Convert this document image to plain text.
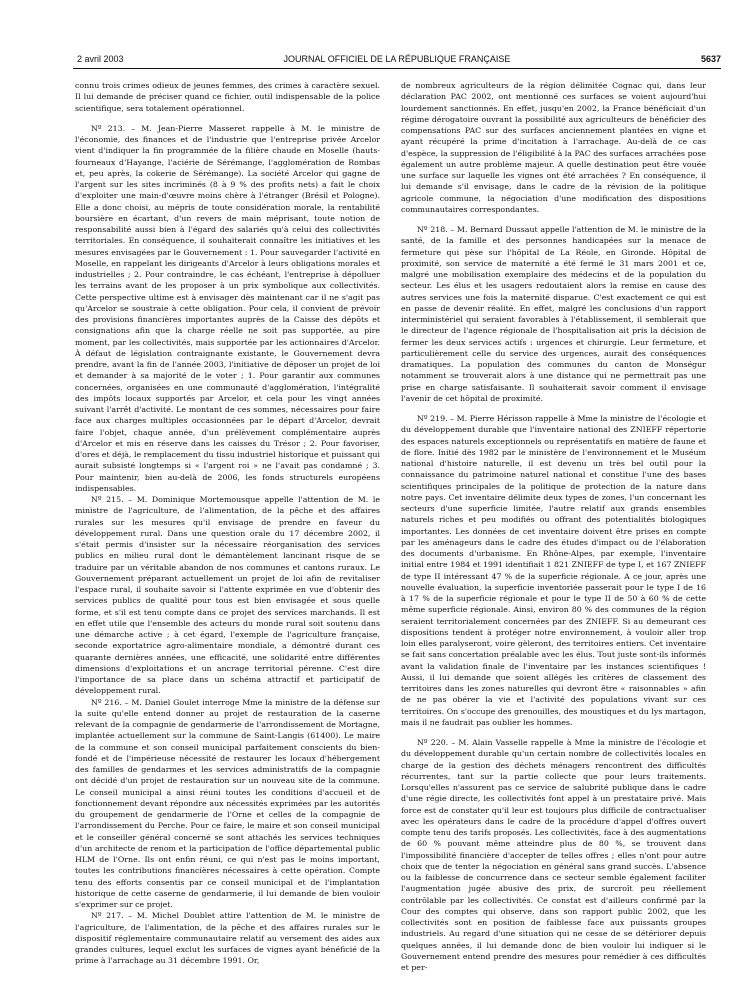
2 avril 2003	JOURNAL OFFICIEL DE LA RÉPUBLIQUE FRANÇAISE	5637

connu trois crimes odieux de jeunes femmes, des crimes à caractère sexuel. Il lui demande de préciser quand ce fichier, outil indispensable de la police scientifique, sera totalement opérationnel.

Nº 213. – M. Jean-Pierre Masseret rappelle à M. le ministre de l'économie, des finances et de l'industrie que l'entreprise privée Arcelor vient d'indiquer la fin programmée de la filière chaude en Moselle (hauts-fourneaux d'Hayange, l'aciérie de Sérémange, l'agglomération de Rombas et, peu après, la cokerie de Sérémange). La société Arcelor qui gagne de l'argent sur les sites incriminés (8 à 9 % des profits nets) a fait le choix d'exploiter une main-d'œuvre moins chère à l'étranger (Brésil et Pologne). Elle a donc choisi, au mépris de toute considération morale, la rentabilité boursière en écartant, d'un revers de main méprisant, toute notion de responsabilité aussi bien à l'égard des salariés qu'à celui des collectivités territoriales. En conséquence, il souhaiterait connaître les initiatives et les mesures envisagées par le Gouvernement : 1. Pour sauvegarder l'activité en Moselle, en rappelant les dirigeants d'Arcelor à leurs obligations morales et industrielles ; 2. Pour contraindre, le cas échéant, l'entreprise à dépolluer les terrains avant de les proposer à un prix symbolique aux collectivités. Cette perspective ultime est à envisager dès maintenant car il ne s'agit pas qu'Arcelor se soustraie à cette obligation. Pour cela, il convient de prévoir des provisions financières importantes auprès de la Caisse des dépôts et consignations afin que la charge réelle ne soit pas supportée, au pire moment, par les collectivités, mais supportée par les actionnaires d'Arcelor. À défaut de législation contraignante existante, le Gouvernement devra prendre, avant la fin de l'année 2003, l'initiative de déposer un projet de loi et demander à sa majorité de le voter ; 1. Pour garantir aux communes concernées, organisées en une communauté d'agglomération, l'intégralité des impôts locaux supportés par Arcelor, et cela pour les vingt années suivant l'arrêt d'activité. Le montant de ces sommes, nécessaires pour faire face aux charges multiples occasionnées par le départ d'Arcelor, devrait faire l'objet, chaque année, d'un prélèvement complémentaire auprès d'Arcelor et mis en réserve dans les caisses du Trésor ; 2. Pour favoriser, d'ores et déjà, le remplacement du tissu industriel historique et puissant qui aurait subsisté longtemps si « l'argent roi » ne l'avait pas condamné ; 3. Pour maintenir, bien au-delà de 2006, les fonds structurels européens indispensables.

Nº 215. – M. Dominique Mortemousque appelle l'attention de M. le ministre de l'agriculture, de l'alimentation, de la pêche et des affaires rurales sur les mesures qu'il envisage de prendre en faveur du développement rural. Dans une question orale du 17 décembre 2002, il s'était permis d'insister sur la nécessaire réorganisation des services publics en milieu rural dont le démantèlement lancinant risque de se traduire par un véritable abandon de nos communes et cantons ruraux. Le Gouvernement préparant actuellement un projet de loi afin de revitaliser l'espace rural, il souhaite savoir si l'attente exprimée en vue d'obtenir des services publics de qualité pour tous est bien envisagée et sous quelle forme, et s'il est tenu compte dans ce projet des services marchands. Il est en effet utile que l'ensemble des acteurs du monde rural soit soutenu dans une démarche active ; à cet égard, l'exemple de l'agriculture française, seconde exportatrice agro-alimentaire mondiale, a démontré durant ces quarante dernières années, une efficacité, une solidarité entre différentes dimensions d'exploitations et un ancrage territorial pérenne. C'est dire l'importance de sa place dans un schéma attractif et participatif de développement rural.

Nº 216. – M. Daniel Goulet interroge Mme la ministre de la défense sur la suite qu'elle entend donner au projet de restauration de la caserne relevant de la compagnie de gendarmerie de l'arrondissement de Mortagne, implantée actuellement sur la commune de Saint-Langis (61400). Le maire de la commune et son conseil municipal parfaitement conscients du bien-fondé et de l'impérieuse nécessité de restaurer les locaux d'hébergement des familles de gendarmes et les services administratifs de la compagnie ont décidé d'un projet de restauration sur un nouveau site de la commune. Le conseil municipal a ainsi réuni toutes les conditions d'accueil et de fonctionnement devant répondre aux nécessités exprimées par les autorités du groupement de gendarmerie de l'Orne et celles de la compagnie de l'arrondissement du Perche. Pour ce faire, le maire et son conseil municipal et le conseiller général concerné se sont attachés les services techniques d'un architecte de renom et la participation de l'office départemental public HLM de l'Orne. Ils ont enfin réuni, ce qui n'est pas le moins important, toutes les contributions financières nécessaires à cette opération. Compte tenu des efforts consentis par ce conseil municipal et de l'implantation historique de cette caserne de gendarmerie, il lui demande de bien vouloir s'exprimer sur ce projet.

Nº 217. – M. Michel Doublet attire l'attention de M. le ministre de l'agriculture, de l'alimentation, de la pêche et des affaires rurales sur le dispositif réglementaire communautaire relatif au versement des aides aux grandes cultures, lequel exclut les surfaces de vignes ayant bénéficié de la prime à l'arrachage au 31 décembre 1991. Or,

de nombreux agriculteurs de la région délimitée Cognac qui, dans leur déclaration PAC 2002, ont mentionné ces surfaces se voient aujourd'hui lourdement sanctionnés. En effet, jusqu'en 2002, la France bénéficiait d'un régime dérogatoire ouvrant la possibilité aux agriculteurs de bénéficier des compensations PAC sur des surfaces anciennement plantées en vigne et ayant récupéré la prime d'incitation à l'arrachage. Au-delà de ce cas d'espèce, la suppression de l'éligibilité à la PAC des surfaces arrachées pose également un autre problème majeur. A quelle destination peut être vouée une surface sur laquelle les vignes ont été arrachées ? En conséquence, il lui demande s'il envisage, dans le cadre de la révision de la politique agricole commune, la négociation d'une modification des dispositions communautaires correspondantes.

Nº 218. – M. Bernard Dussaut appelle l'attention de M. le ministre de la santé, de la famille et des personnes handicapées sur la menace de fermeture qui pèse sur l'hôpital de La Réole, en Gironde. Hôpital de proximité, son service de maternité a été fermé le 31 mars 2001 et ce, malgré une mobilisation exemplaire des médecins et de la population du secteur. Les élus et les usagers redoutaient alors la remise en cause des autres services une fois la maternité disparue. C'est exactement ce qui est en passe de devenir réalité. En effet, malgré les conclusions d'un rapport interministériel qui seraient favorables à l'établissement, il semblerait que le directeur de l'agence régionale de l'hospitalisation ait pris la décision de fermer les deux services actifs : urgences et chirurgie. Leur fermeture, et particulièrement celle du service des urgences, aurait des conséquences dramatiques. La population des communes du canton de Monségur notamment se trouverait alors à une distance qui ne permettrait pas une prise en charge satisfaisante. Il souhaiterait savoir comment il envisage l'avenir de cet hôpital de proximité.

Nº 219. – M. Pierre Hérisson rappelle à Mme la ministre de l'écologie et du développement durable que l'inventaire national des ZNIEFF répertorie des espaces naturels exceptionnels ou représentatifs en matière de faune et de flore. Initié dès 1982 par le ministère de l'environnement et le Muséum national d'histoire naturelle, il est devenu un très bel outil pour la connaissance du patrimoine naturel national et constitue l'une des bases scientifiques principales de la politique de protection de la nature dans notre pays. Cet inventaire délimite deux types de zones, l'un concernant les secteurs d'une superficie limitée, l'autre relatif aux grands ensembles naturels riches et peu modifiés ou offrant des potentialités biologiques importantes. Les données de cet inventaire doivent être prises en compte par les aménageurs dans le cadre des études d'impact ou de l'élaboration des documents d'urbanisme. En Rhône-Alpes, par exemple, l'inventaire initial entre 1984 et 1991 identifiait 1 821 ZNIEFF de type I, et 167 ZNIEFF de type II intéressant 47 % de la superficie régionale. A ce jour, après une nouvelle évaluation, la superficie inventoriée passerait pour le type I de 16 à 17 % de la superficie régionale et pour le type II de 50 à 60 % de cette même superficie régionale. Ainsi, environ 80 % des communes de la région seraient territorialement concernées par des ZNIEFF. Si au demeurant ces dispositions tendent à protéger notre environnement, à vouloir aller trop loin elles paralyseront, voire gèleront, des territoires entiers. Cet inventaire se fait sans concertation préalable avec les élus. Tout juste sont-ils informés avant la validation finale de l'inventaire par les instances scientifiques ! Aussi, il lui demande que soient allégés les critères de classement des territoires dans les zones naturelles qui devront être « raisonnables » afin de ne pas obérer la vie et l'activité des populations vivant sur ces territoires. On s'occupe des grenouilles, des moustiques et du lys martagon, mais il ne faudrait pas oublier les hommes.

Nº 220. – M. Alain Vasselle rappelle à Mme la ministre de l'écologie et du développement durable qu'un certain nombre de collectivités locales en charge de la gestion des déchets ménagers rencontrent des difficultés récurrentes, tant sur la partie collecte que pour leurs traitements. Lorsqu'elles n'assurent pas ce service de salubrité publique dans le cadre d'une régie directe, les collectivités font appel à un prestataire privé. Mais force est de constater qu'il leur est toujours plus difficile de contractualiser avec les opérateurs dans le cadre de la procédure d'appel d'offres ouvert compte tenu des tarifs proposés. Les collectivités, face à des augmentations de 60 % pouvant même atteindre plus de 80 %, se trouvent dans l'impossibilité financière d'accepter de telles offres ; elles n'ont pour autre choix que de tenter la négociation en général sans grand succès. L'absence ou la faiblesse de concurrence dans ce secteur semble également faciliter l'augmentation jugée abusive des prix, de surcroît peu réellement contrôlable par les collectivités. Ce constat est d'ailleurs confirmé par la Cour des comptes qui observe, dans son rapport public 2002, que les collectivités sont en position de faiblesse face aux puissants groupes industriels. Au regard d'une situation qui ne cesse de se détériorer depuis quelques années, il lui demande donc de bien vouloir lui indiquer si le Gouvernement entend prendre des mesures pour remédier à ces difficultés et per-
